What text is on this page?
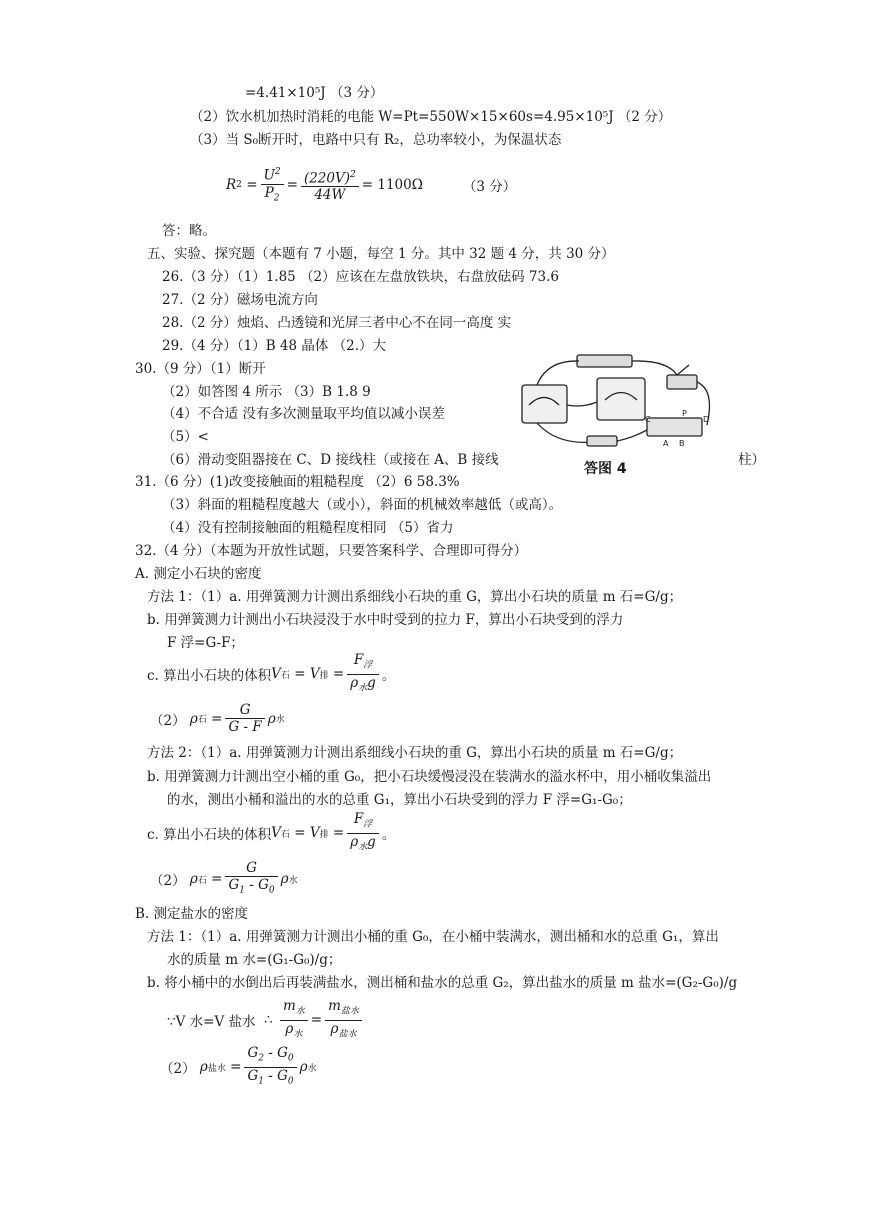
=4.41×10⁵J （3 分）
（2）饮水机加热时消耗的电能 W=Pt=550W×15×60s=4.95×10⁵J （2 分）
（3）当 S₀断开时，电路中只有 R₂，总功率较小，为保温状态
R $2 = \frac{U^2}{P_2} = \frac{(220V)^2}{44W} = 1100\Omega$	（3 分）
答：略。
五、实验、探究题（本题有 7 小题，每空 1 分。其中 32 题 4 分，共 30 分）
26.（3 分）（1）1.85 （2）应该在左盘放铁块，右盘放砝码 73.6
27.（2 分）磁场电流方向
28.（2 分）烛焰、凸透镜和光屏三者中心不在同一高度 实
29.（4 分）（1）B 48 晶体 （2.）大
30.（9 分）（1）断开
（2）如答图 4 所示 （3）B 1.8 9
（4）不合适 没有多次测量取平均值以减小误差
（5）<
（6）滑动变阻器接在 C、D 接线柱（或接在 A、B 接线	柱）
P
C	D
A B
答图 4
31.（6 分）(1)改变接触面的粗糙程度 （2）6 58.3%
（3）斜面的粗糙程度越大（或小），斜面的机械效率越低（或高）。
（4）没有控制接触面的粗糙程度相同 （5）省力
32.（4 分）（本题为开放性试题，只要答案科学、合理即可得分）
A. 测定小石块的密度
方法 1：（1）a. 用弹簧测力计测出系细线小石块的重 G，算出小石块的质量 m 石=G/g；
b. 用弹簧测力计测出小石块浸没于水中时受到的拉力 F，算出小石块受到的浮力
F 浮=G-F；
c. 算出小石块的体积 V 石 = V 排 = $\frac{F_浮}{\rho_水g}$ 。
（2）
ρ 石 = $\frac{G}{G - F}$ ρ 水
方法 2：（1）a. 用弹簧测力计测出系细线小石块的重 G，算出小石块的质量 m 石=G/g；
b. 用弹簧测力计测出空小桶的重 G₀，把小石块缓慢浸没在装满水的溢水杯中，用小桶收集溢出
的水，测出小桶和溢出的水的总重 G₁，算出小石块受到的浮力 F 浮=G₁-G₀；
c. 算出小石块的体积 V 石 = V 排 = $\frac{F_浮}{\rho_水g}$ 。
（2）
ρ 石 = $\frac{G}{G_1 - G_0}$ ρ 水
B. 测定盐水的密度
方法 1：（1）a. 用弹簧测力计测出小桶的重 G₀，在小桶中装满水，测出桶和水的总重 G₁，算出
水的质量 m 水=(G₁-G₀)/g；
b. 将小桶中的水倒出后再装满盐水，测出桶和盐水的总重 G₂，算出盐水的质量 m 盐水=(G₂-G₀)/g
∵V 水=V 盐水 ∴ $\frac{m_水}{\rho_水} = \frac{m_{盐水}}{\rho_{盐水}}$
（2）
ρ 盐水 = $\frac{G_2 - G_0}{G_1 - G_0}$ ρ 水
